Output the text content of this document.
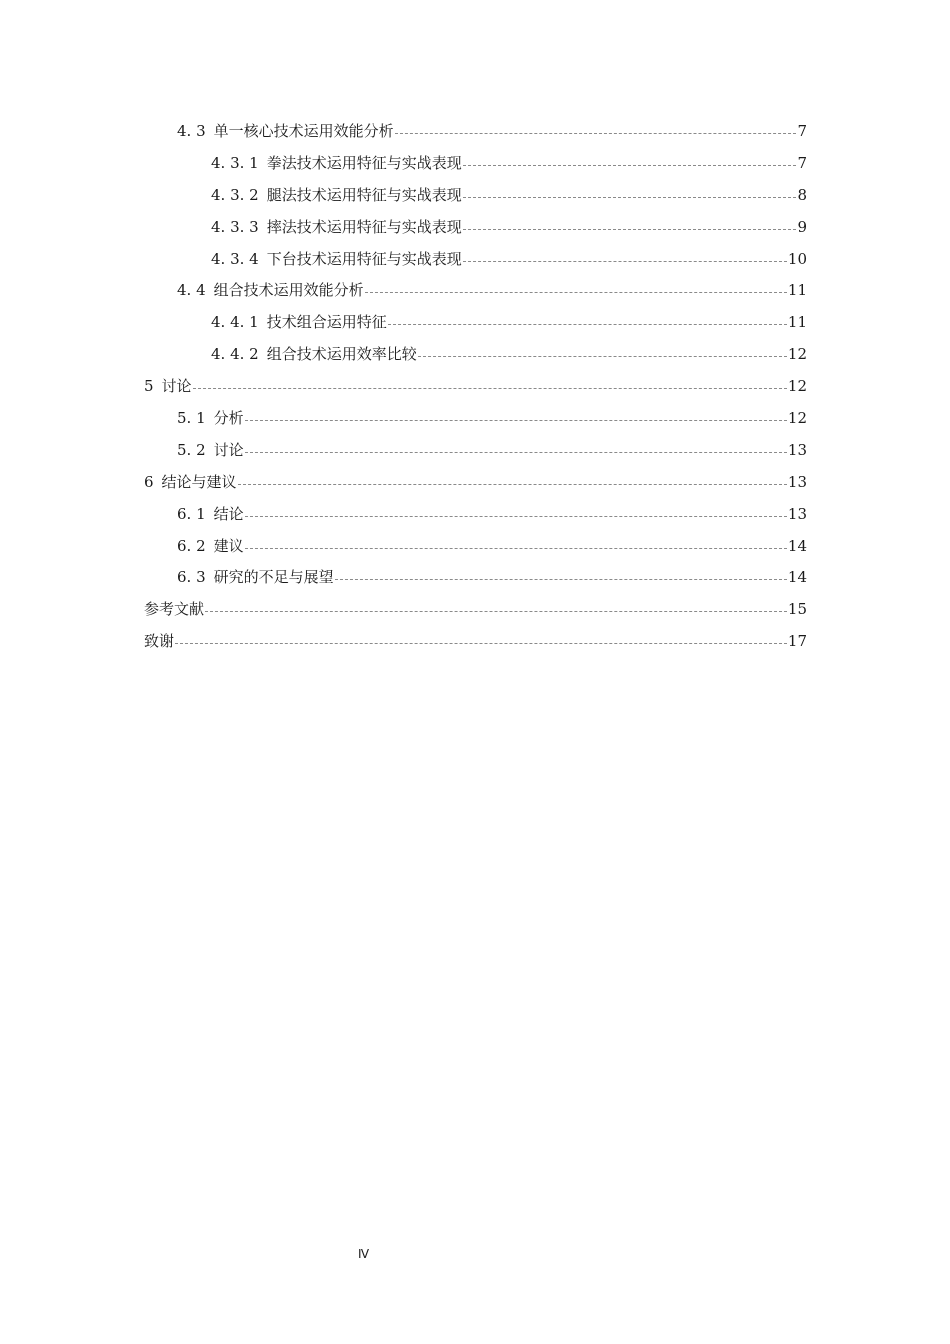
4. 3 单一核心技术运用效能分析	7
4. 3. 1 拳法技术运用特征与实战表现	7
4. 3. 2 腿法技术运用特征与实战表现	8
4. 3. 3 摔法技术运用特征与实战表现	9
4. 3. 4 下台技术运用特征与实战表现	10
4. 4 组合技术运用效能分析	11
4. 4. 1 技术组合运用特征	11
4. 4. 2 组合技术运用效率比较	12
5 讨论	12
5. 1 分析	12
5. 2 讨论	13
6 结论与建议	13
6. 1 结论	13
6. 2 建议	14
6. 3 研究的不足与展望	14
参考文献	15
致谢	17
Ⅳ
